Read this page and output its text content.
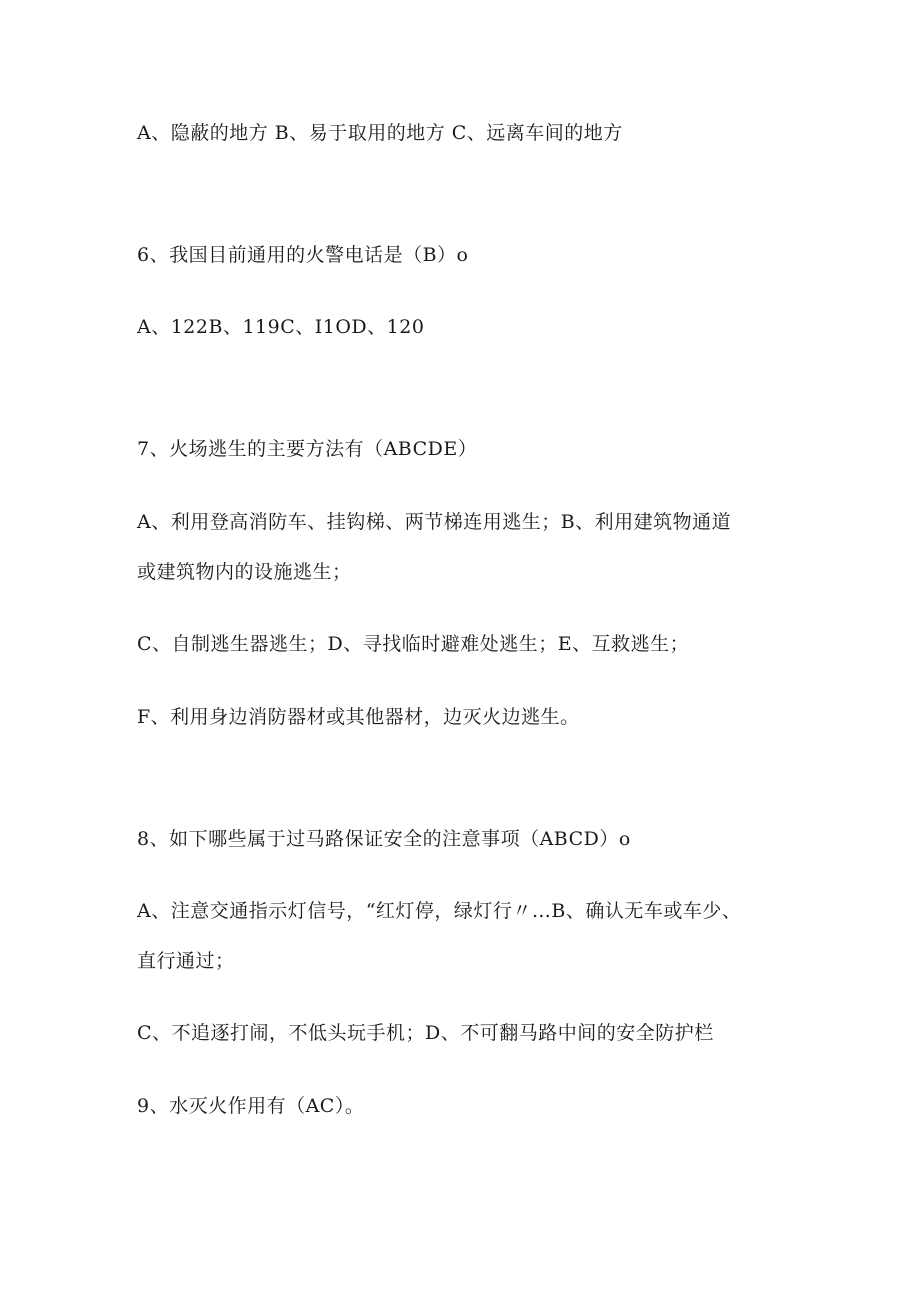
A、隐蔽的地方 B、易于取用的地方 C、远离车间的地方
6、我国目前通用的火警电话是（B）o
A、122B、119C、I1OD、120
7、火场逃生的主要方法有（ABCDE）
A、利用登高消防车、挂钩梯、两节梯连用逃生；B、利用建筑物通道
或建筑物内的设施逃生；
C、自制逃生器逃生；D、寻找临时避难处逃生；E、互救逃生；
F、利用身边消防器材或其他器材，边灭火边逃生。
8、如下哪些属于过马路保证安全的注意事项（ABCD）o
A、注意交通指示灯信号，“红灯停，绿灯行〃…B、确认无车或车少、
直行通过；
C、不追逐打闹，不低头玩手机；D、不可翻马路中间的安全防护栏
9、水灭火作用有（AC）。
